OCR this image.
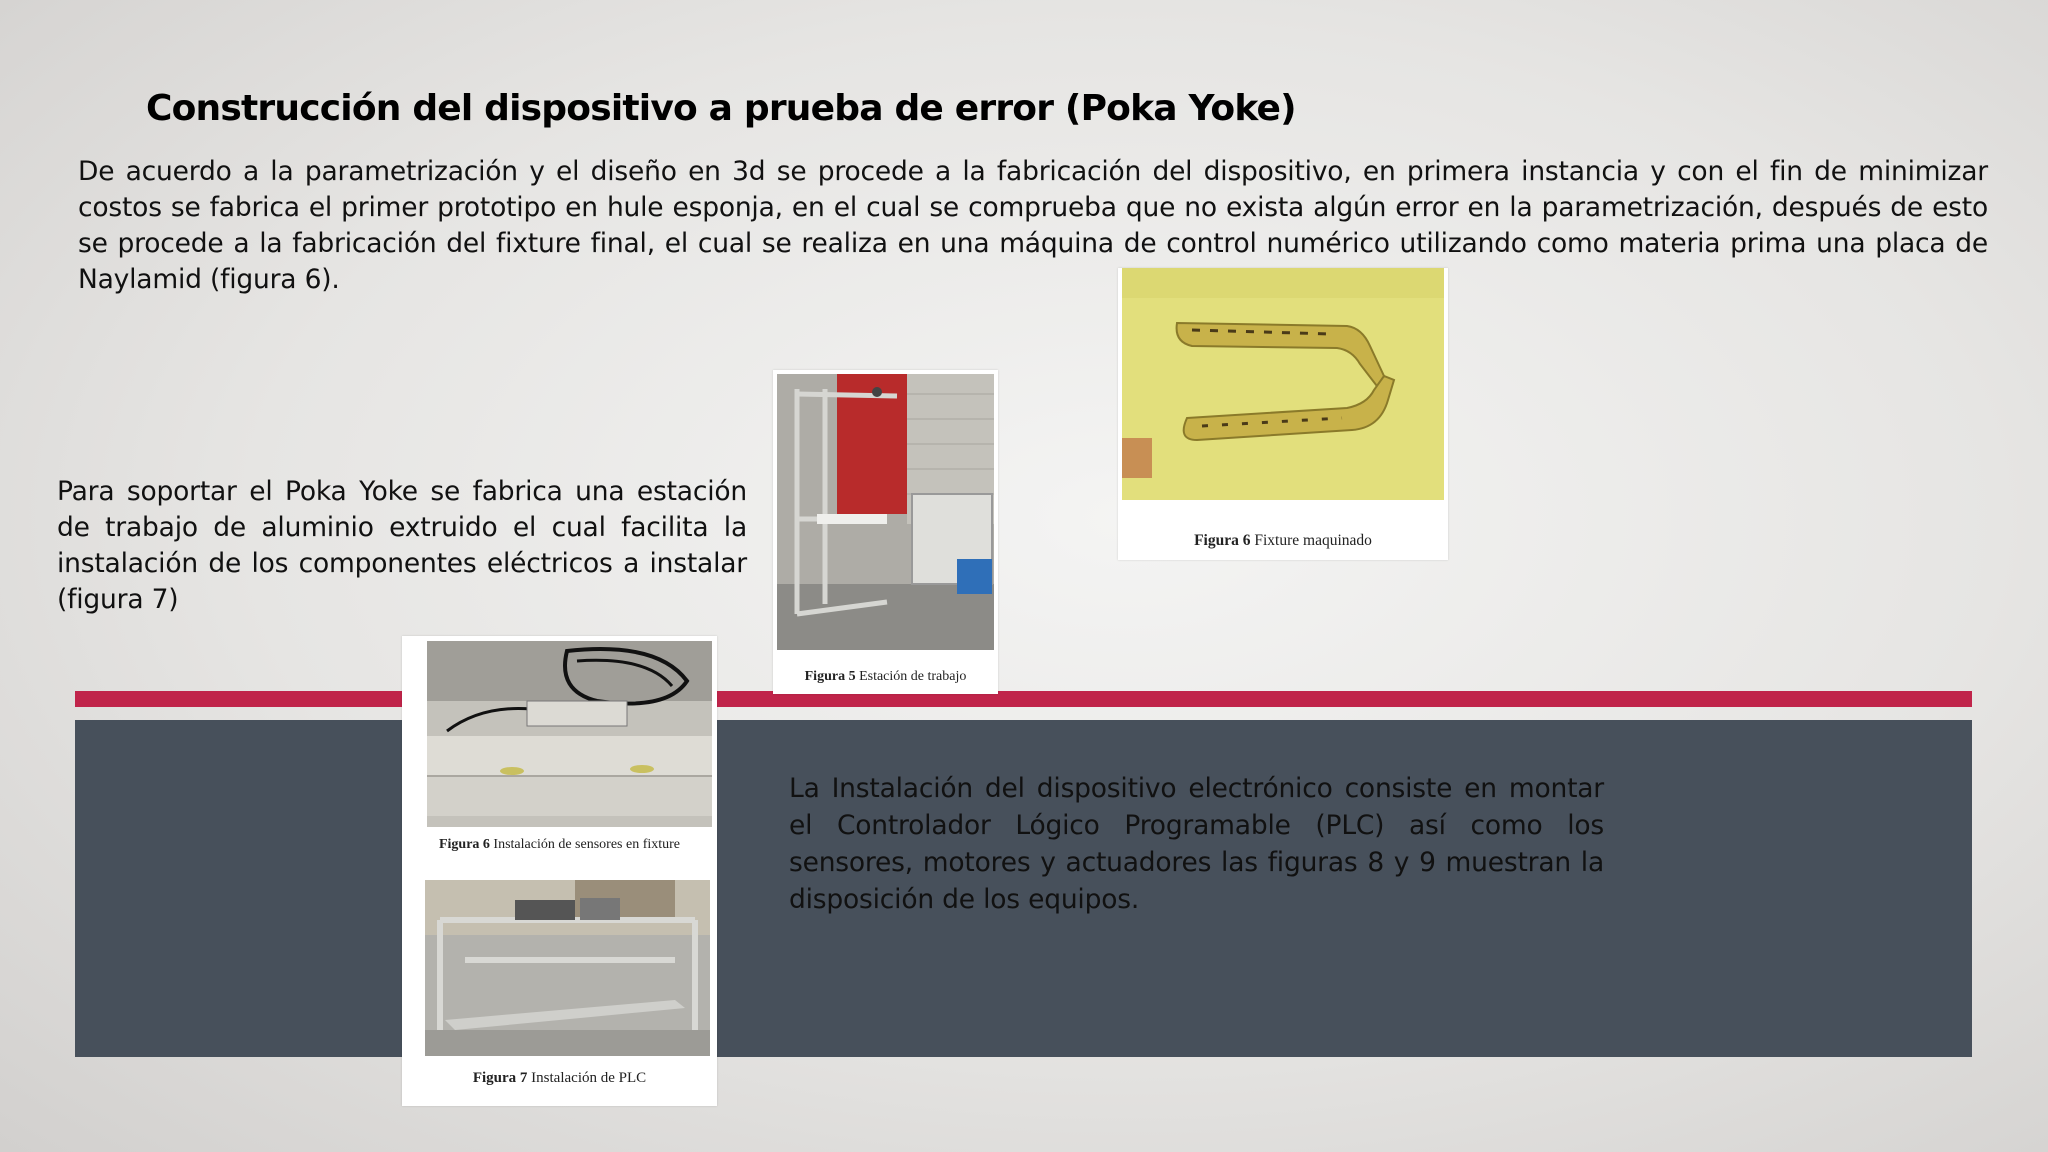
Construcción del dispositivo a prueba de error (Poka Yoke)
De acuerdo a la parametrización y el diseño en 3d se procede a la fabricación del dispositivo, en primera instancia y con el fin de minimizar costos se fabrica el primer prototipo en hule esponja, en el cual se comprueba que no exista algún error en la parametrización, después de esto se procede a la fabricación del fixture final, el cual se realiza en una máquina de control numérico utilizando como materia prima una placa de Naylamid (figura 6).
Para soportar el Poka Yoke se fabrica una estación de trabajo de aluminio extruido el cual facilita la instalación de los componentes eléctricos a instalar (figura 7)
La Instalación del dispositivo electrónico consiste en montar el Controlador Lógico Programable (PLC) así como los sensores, motores y actuadores las figuras 8 y 9 muestran la disposición de los equipos.
Figura 6 Fixture maquinado
Figura 5 Estación de trabajo
Figura 6 Instalación de sensores en fixture
Figura 7 Instalación de PLC
